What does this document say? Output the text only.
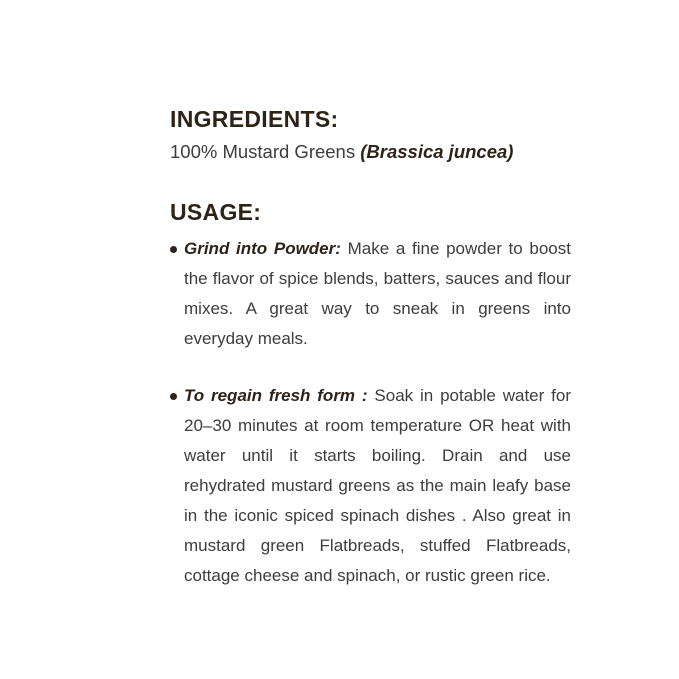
INGREDIENTS:

100% Mustard Greens (Brassica juncea)

USAGE:
Grind into Powder: Make a fine powder to boost the flavor of spice blends, batters, sauces and flour mixes. A great way to sneak in greens into everyday meals.
To regain fresh form : Soak in potable water for 20–30 minutes at room temperature OR heat with water until it starts boiling. Drain and use rehydrated mustard greens as the main leafy base in the iconic spiced spinach dishes . Also great in mustard green Flatbreads, stuffed Flatbreads, cottage cheese and spinach, or rustic green rice.
